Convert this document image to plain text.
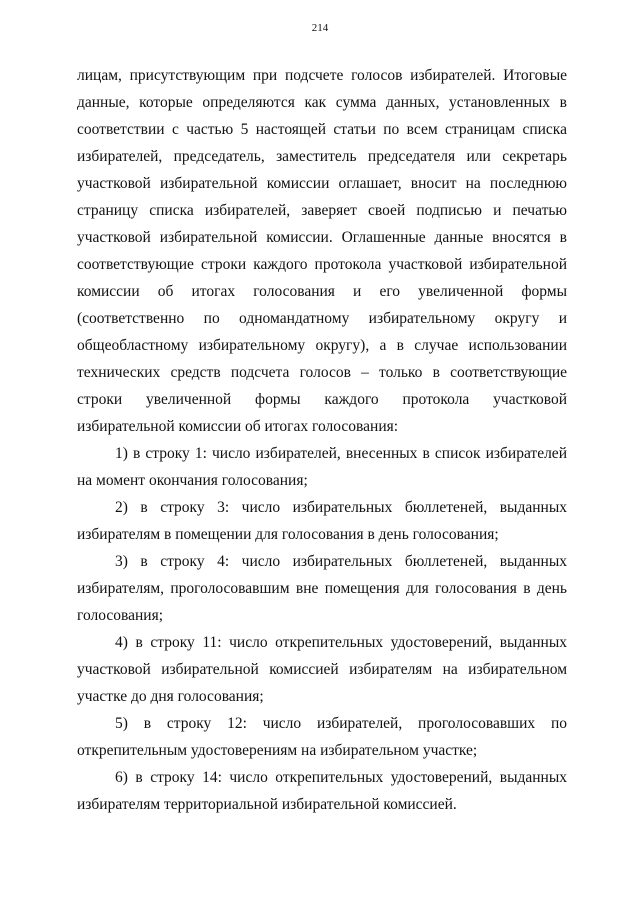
214

лицам, присутствующим при подсчете голосов избирателей. Итоговые данные, которые определяются как сумма данных, установленных в соответствии с частью 5 настоящей статьи по всем страницам списка избирателей, председатель, заместитель председателя или секретарь участковой избирательной комиссии оглашает, вносит на последнюю страницу списка избирателей, заверяет своей подписью и печатью участковой избирательной комиссии. Оглашенные данные вносятся в соответствующие строки каждого протокола участковой избирательной комиссии об итогах голосования и его увеличенной формы (соответственно по одномандатному избирательному округу и общеобластному избирательному округу), а в случае использовании технических средств подсчета голосов – только в соответствующие строки увеличенной формы каждого протокола участковой избирательной комиссии об итогах голосования:

1) в строку 1: число избирателей, внесенных в список избирателей на момент окончания голосования;

2) в строку 3: число избирательных бюллетеней, выданных избирателям в помещении для голосования в день голосования;

3) в строку 4: число избирательных бюллетеней, выданных избирателям, проголосовавшим вне помещения для голосования в день голосования;

4) в строку 11: число открепительных удостоверений, выданных участковой избирательной комиссией избирателям на избирательном участке до дня голосования;

5) в строку 12: число избирателей, проголосовавших по открепительным удостоверениям на избирательном участке;

6) в строку 14: число открепительных удостоверений, выданных избирателям территориальной избирательной комиссией.
